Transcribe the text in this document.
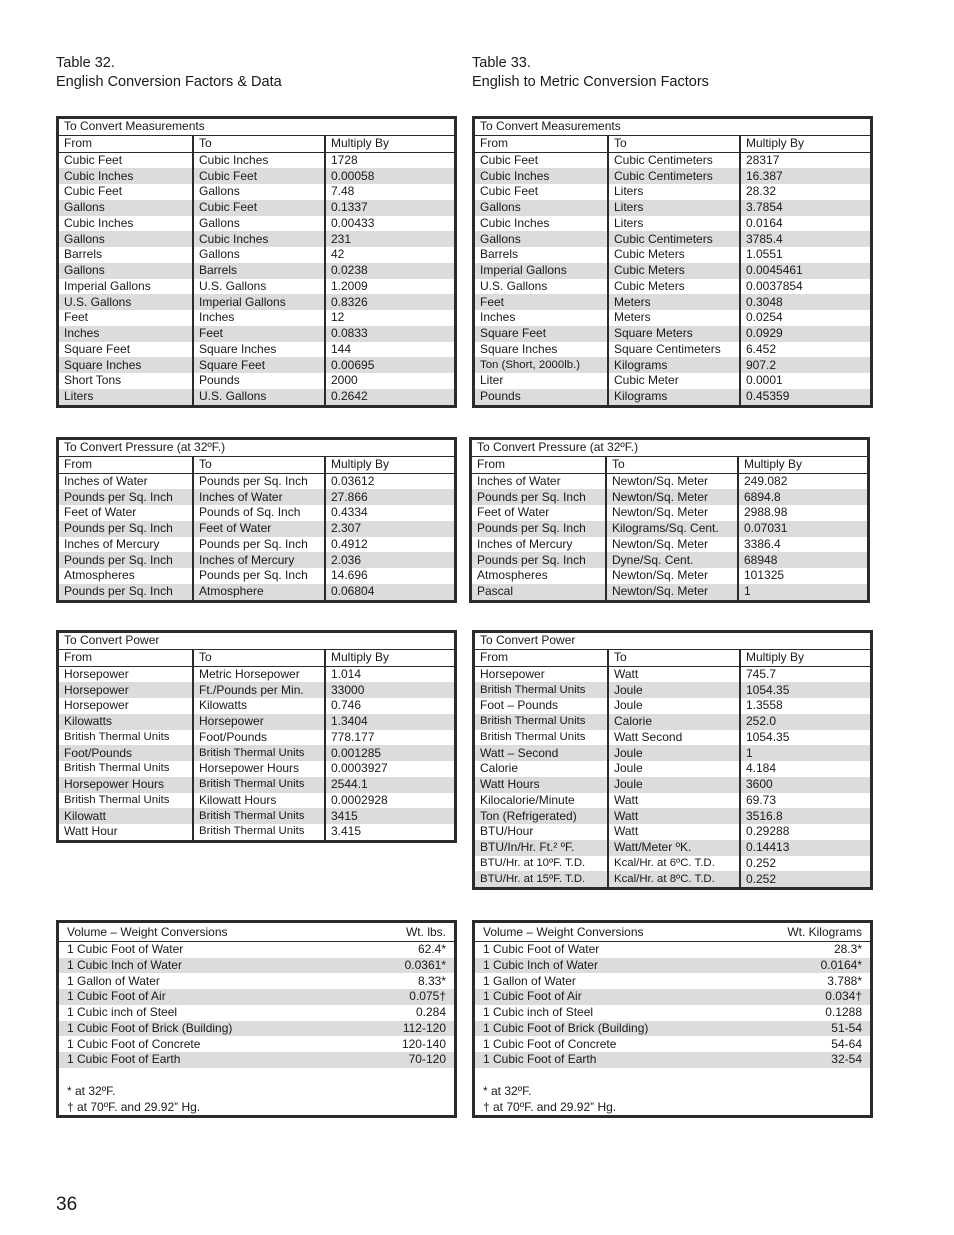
Table 32.
English Conversion Factors & Data
Table 33.
English to Metric Conversion Factors
To Convert Measurements		
From	To	Multiply By
Cubic Feet	Cubic Inches	1728
Cubic Inches	Cubic Feet	0.00058
Cubic Feet	Gallons	7.48
Gallons	Cubic Feet	0.1337
Cubic Inches	Gallons	0.00433
Gallons	Cubic Inches	231
Barrels	Gallons	42
Gallons	Barrels	0.0238
Imperial Gallons	U.S. Gallons	1.2009
U.S. Gallons	Imperial Gallons	0.8326
Feet	Inches	12
Inches	Feet	0.0833
Square Feet	Square Inches	144
Square Inches	Square Feet	0.00695
Short Tons	Pounds	2000
Liters	U.S. Gallons	0.2642
To Convert Measurements		
From	To	Multiply By
Cubic Feet	Cubic Centimeters	28317
Cubic Inches	Cubic Centimeters	16.387
Cubic Feet	Liters	28.32
Gallons	Liters	3.7854
Cubic Inches	Liters	0.0164
Gallons	Cubic Centimeters	3785.4
Barrels	Cubic Meters	1.0551
Imperial Gallons	Cubic Meters	0.0045461
U.S. Gallons	Cubic Meters	0.0037854
Feet	Meters	0.3048
Inches	Meters	0.0254
Square Feet	Square Meters	0.0929
Square Inches	Square Centimeters	6.452
Ton (Short, 2000lb.)	Kilograms	907.2
Liter	Cubic Meter	0.0001
Pounds	Kilograms	0.45359
To Convert Pressure (at 32ºF.)		
From	To	Multiply By
Inches of Water	Pounds per Sq. Inch	0.03612
Pounds per Sq. Inch	Inches of Water	27.866
Feet of Water	Pounds of Sq. Inch	0.4334
Pounds per Sq. Inch	Feet of Water	2.307
Inches of Mercury	Pounds per Sq. Inch	0.4912
Pounds per Sq. Inch	Inches of Mercury	2.036
Atmospheres	Pounds per Sq. Inch	14.696
Pounds per Sq. Inch	Atmosphere	0.06804
To Convert Pressure (at 32ºF.)		
From	To	Multiply By
Inches of Water	Newton/Sq. Meter	249.082
Pounds per Sq. Inch	Newton/Sq. Meter	6894.8
Feet of Water	Newton/Sq. Meter	2988.98
Pounds per Sq. Inch	Kilograms/Sq. Cent.	0.07031
Inches of Mercury	Newton/Sq. Meter	3386.4
Pounds per Sq. Inch	Dyne/Sq. Cent.	68948
Atmospheres	Newton/Sq. Meter	101325
Pascal	Newton/Sq. Meter	1
To Convert Power		
From	To	Multiply By
Horsepower	Metric Horsepower	1.014
Horsepower	Ft./Pounds per Min.	33000
Horsepower	Kilowatts	0.746
Kilowatts	Horsepower	1.3404
British Thermal Units	Foot/Pounds	778.177
Foot/Pounds	British Thermal Units	0.001285
British Thermal Units	Horsepower Hours	0.0003927
Horsepower Hours	British Thermal Units	2544.1
British Thermal Units	Kilowatt Hours	0.0002928
Kilowatt	British Thermal Units	3415
Watt Hour	British Thermal Units	3.415
To Convert Power		
From	To	Multiply By
Horsepower	Watt	745.7
British Thermal Units	Joule	1054.35
Foot – Pounds	Joule	1.3558
British Thermal Units	Calorie	252.0
British Thermal Units	Watt Second	1054.35
Watt – Second	Joule	1
Calorie	Joule	4.184
Watt Hours	Joule	3600
Kilocalorie/Minute	Watt	69.73
Ton (Refrigerated)	Watt	3516.8
BTU/Hour	Watt	0.29288
BTU/In/Hr. Ft.² ºF.	Watt/Meter ºK.	0.14413
BTU/Hr. at 10ºF. T.D.	Kcal/Hr. at 6ºC. T.D.	0.252
BTU/Hr. at 15ºF. T.D.	Kcal/Hr. at 8ºC. T.D.	0.252
Volume – Weight Conversions	Wt. lbs.
1 Cubic Foot of Water	62.4*
1 Cubic Inch of Water	0.0361*
1 Gallon of Water	8.33*
1 Cubic Foot of Air	0.075†
1 Cubic inch of Steel	0.284
1 Cubic Foot of Brick (Building)	112-120
1 Cubic Foot of Concrete	120-140
1 Cubic Foot of Earth	70-120

* at 32ºF.	
† at 70ºF. and 29.92” Hg.	
Volume – Weight Conversions	Wt. Kilograms
1 Cubic Foot of Water	28.3*
1 Cubic Inch of Water	0.0164*
1 Gallon of Water	3.788*
1 Cubic Foot of Air	0.034†
1 Cubic inch of Steel	0.1288
1 Cubic Foot of Brick (Building)	51-54
1 Cubic Foot of Concrete	54-64
1 Cubic Foot of Earth	32-54

* at 32ºF.	
† at 70ºF. and 29.92” Hg.	
36
